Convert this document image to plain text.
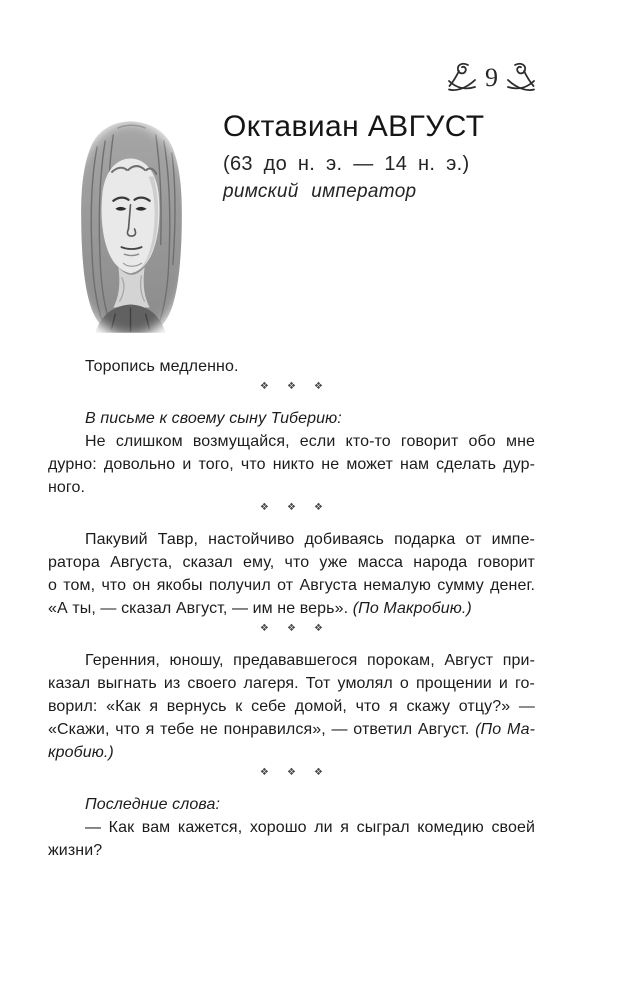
9
Октавиан АВГУСТ
(63 до н. э. — 14 н. э.)
римский император
Торопись медленно.
❖ ❖ ❖
В письме к своему сыну Тиберию:
Не слишком возмущайся, если кто-то говорит обо мне
дурно: довольно и того, что никто не может нам сделать дур-
ного.
❖ ❖ ❖
Пакувий Тавр, настойчиво добиваясь подарка от импе-
ратора Августа, сказал ему, что уже масса народа говорит
о том, что он якобы получил от Августа немалую сумму денег.
«А ты, — сказал Август, — им не верь». (По Макробию.)
❖ ❖ ❖
Геренния, юношу, предававшегося порокам, Август при-
казал выгнать из своего лагеря. Тот умолял о прощении и го-
ворил: «Как я вернусь к себе домой, что я скажу отцу?» —
«Скажи, что я тебе не понравился», — ответил Август. (По Ма-
кробию.)
❖ ❖ ❖
Последние слова:
— Как вам кажется, хорошо ли я сыграл комедию своей
жизни?
